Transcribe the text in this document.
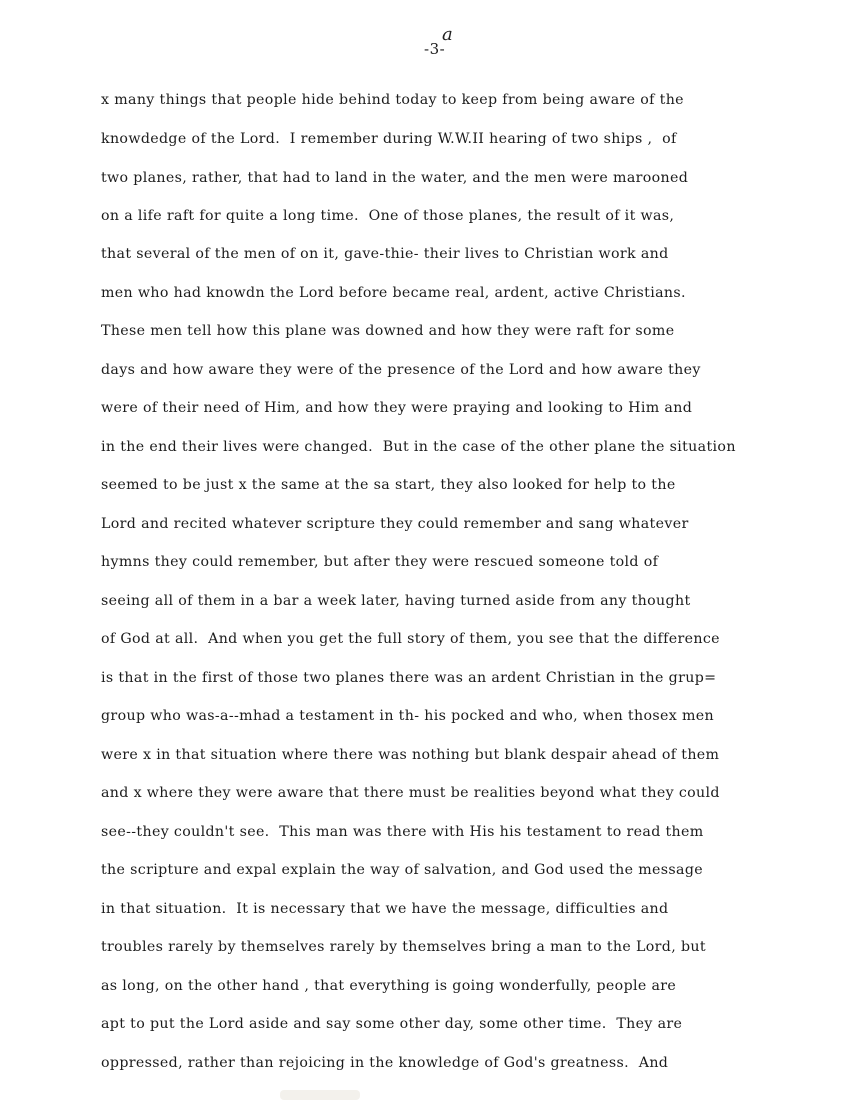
a
-3-
x many things that people hide behind today to keep from being aware of the
knowdedge of the Lord.  I remember during W.W.II hearing of two ships ,  of
two planes, rather, that had to land in the water, and the men were marooned
on a life raft for quite a long time.  One of those planes, the result of it was,
that several of the men of on it, gave-thie- their lives to Christian work and
men who had knowdn the Lord before became real, ardent, active Christians.
These men tell how this plane was downed and how they were raft for some
days and how aware they were of the presence of the Lord and how aware they
were of their need of Him, and how they were praying and looking to Him and
in the end their lives were changed.  But in the case of the other plane the situation
seemed to be just x the same at the sa start, they also looked for help to the
Lord and recited whatever scripture they could remember and sang whatever
hymns they could remember, but after they were rescued someone told of
seeing all of them in a bar a week later, having turned aside from any thought
of God at all.  And when you get the full story of them, you see that the difference
is that in the first of those two planes there was an ardent Christian in the grup=
group who was-a--mhad a testament in th- his pocked and who, when thosex men
were x in that situation where there was nothing but blank despair ahead of them
and x where they were aware that there must be realities beyond what they could
see--they couldn't see.  This man was there with His his testament to read them
the scripture and expal explain the way of salvation, and God used the message
in that situation.  It is necessary that we have the message, difficulties and
troubles rarely by themselves rarely by themselves bring a man to the Lord, but
as long, on the other hand , that everything is going wonderfully, people are
apt to put the Lord aside and say some other day, some other time.  They are
oppressed, rather than rejoicing in the knowledge of God's greatness.  And
